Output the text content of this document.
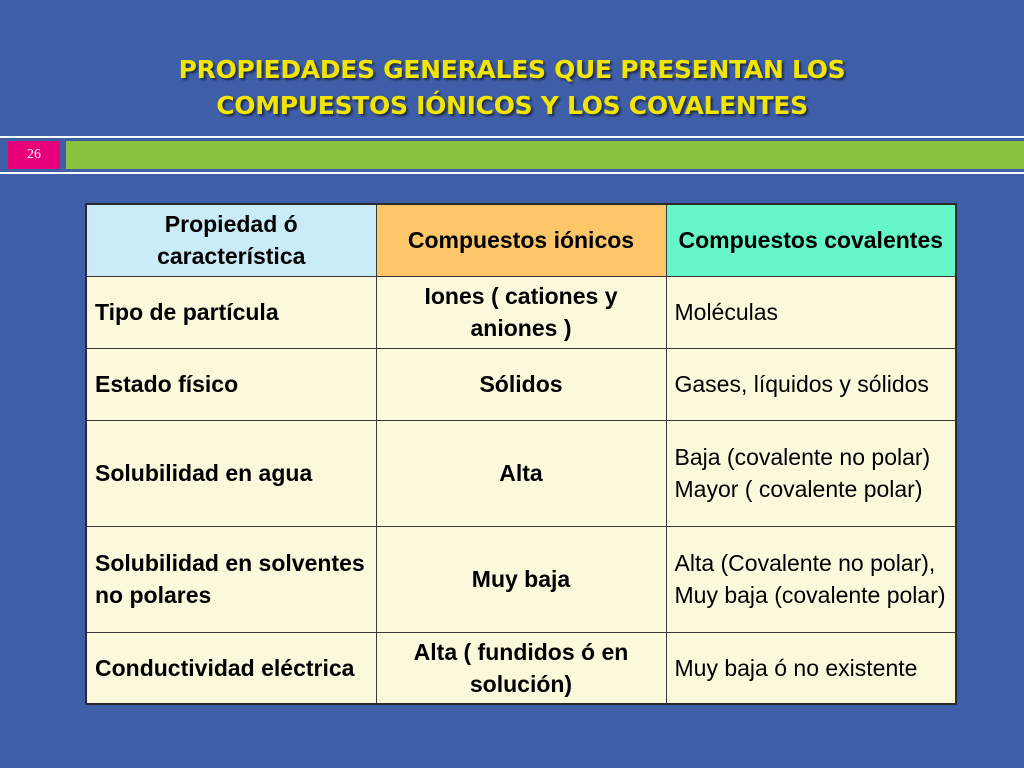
PROPIEDADES GENERALES QUE PRESENTAN LOS
COMPUESTOS IÓNICOS Y LOS COVALENTES
26
Propiedad ó característica	Compuestos iónicos	Compuestos covalentes
Tipo de partícula	Iones ( cationes y aniones )	Moléculas
Estado físico	Sólidos	Gases, líquidos y sólidos
Solubilidad en agua	Alta	Baja (covalente no polar) Mayor ( covalente polar)
Solubilidad en solventes no polares	Muy baja	Alta (Covalente no polar), Muy baja (covalente polar)
Conductividad eléctrica	Alta ( fundidos ó en solución)	Muy baja ó no existente
